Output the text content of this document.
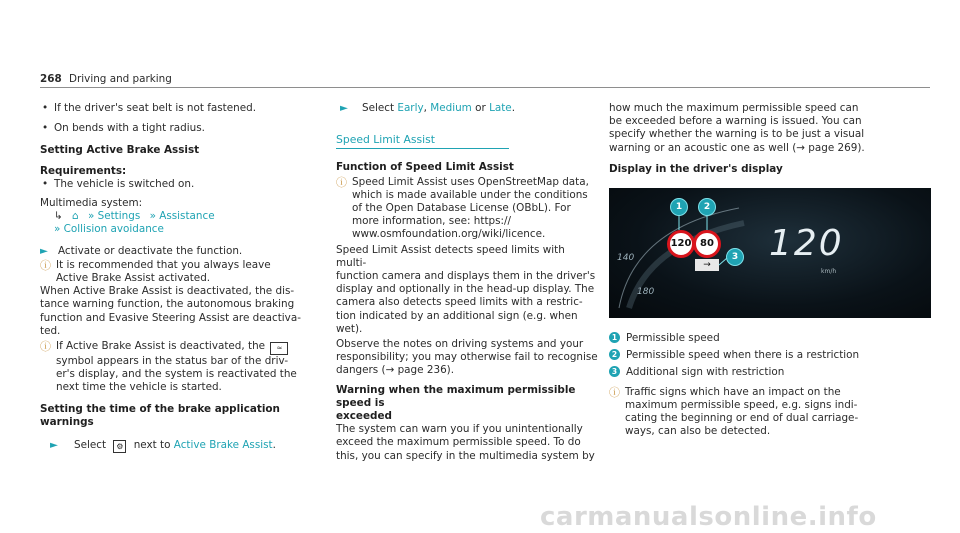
268 Driving and parking
• If the driver's seat belt is not fastened.
• On bends with a tight radius.
Setting Active Brake Assist
Requirements:
• The vehicle is switched on.
Multimedia system:
↳ ⌂ » Settings » Assistance
» Collision avoidance
► Activate or deactivate the function.
ⓘ It is recommended that you always leave
Active Brake Assist activated.
When Active Brake Assist is deactivated, the dis-
tance warning function, the autonomous braking
function and Evasive Steering Assist are deactiva-
ted.
ⓘ If Active Brake Assist is deactivated, the ≈
symbol appears in the status bar of the driv-
er's display, and the system is reactivated the
next time the vehicle is started.
Setting the time of the brake application warnings
► Select ⚙ next to Active Brake Assist.
► Select Early, Medium or Late.
Speed Limit Assist
Function of Speed Limit Assist
ⓘ Speed Limit Assist uses OpenStreetMap data,
which is made available under the conditions
of the Open Database License (OBbL). For
more information, see: https://
www.osmfoundation.org/wiki/licence.
Speed Limit Assist detects speed limits with multi-
function camera and displays them in the driver's
display and optionally in the head-up display. The
camera also detects speed limits with a restric-
tion indicated by an additional sign (e.g. when
wet).
Observe the notes on driving systems and your
responsibility; you may otherwise fail to recognise
dangers (→ page 236).
Warning when the maximum permissible speed is
exceeded
The system can warn you if you unintentionally
exceed the maximum permissible speed. To do
this, you can specify in the multimedia system by
how much the maximum permissible speed can
be exceeded before a warning is issued. You can
specify whether the warning is to be just a visual
warning or an acoustic one as well (→ page 269).
Display in the driver's display
140
180
120 80
→
1	2
3 120
km/h
1 Permissible speed
2 Permissible speed when there is a restriction
3 Additional sign with restriction
ⓘ Traffic signs which have an impact on the
maximum permissible speed, e.g. signs indi-
cating the beginning or end of dual carriage-
ways, can also be detected.
carmanualsonline.info
